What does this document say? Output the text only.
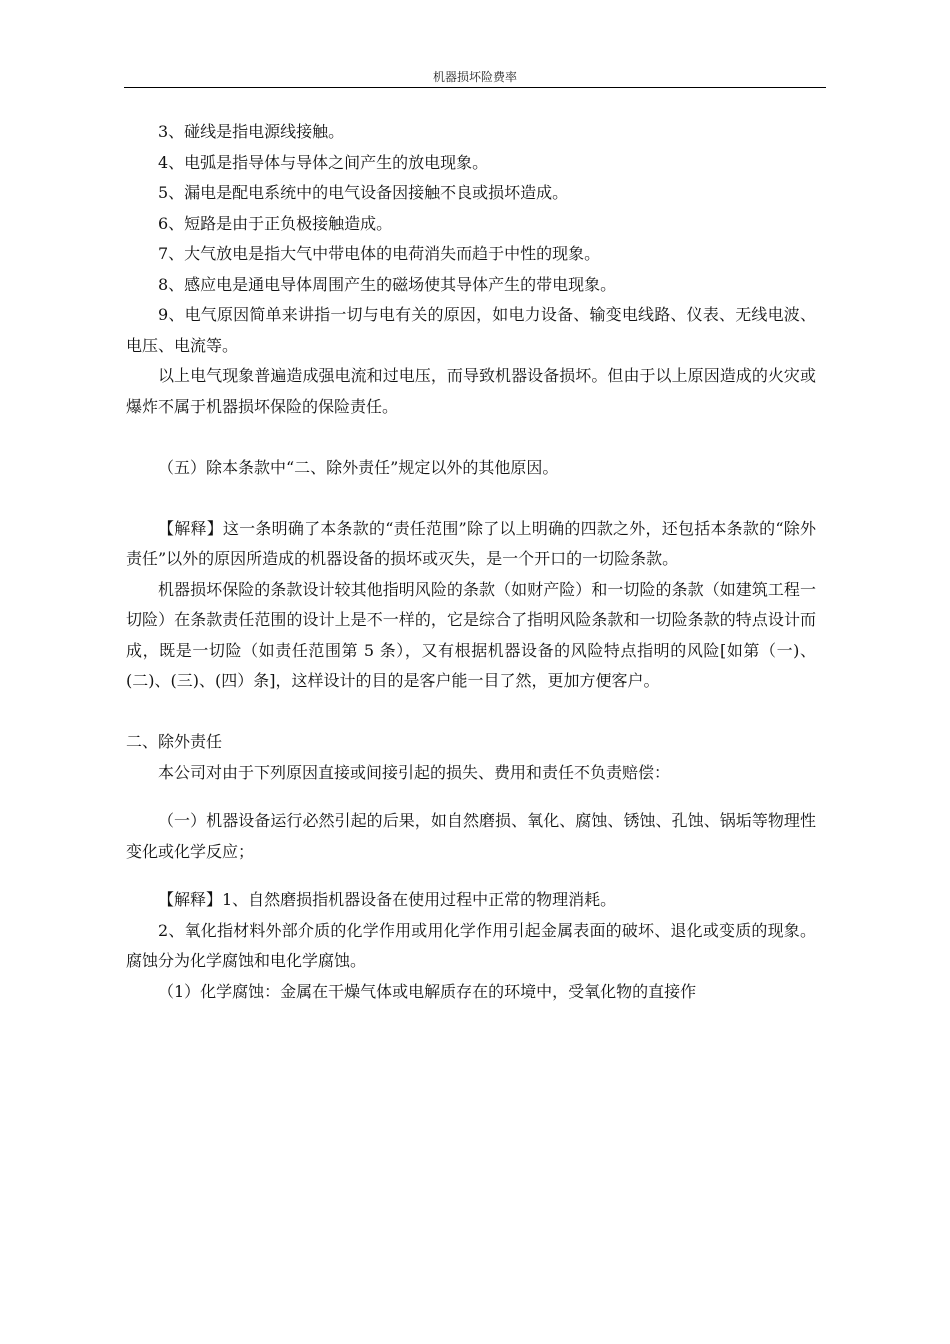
机器损坏险费率

3、碰线是指电源线接触。

4、电弧是指导体与导体之间产生的放电现象。

5、漏电是配电系统中的电气设备因接触不良或损坏造成。

6、短路是由于正负极接触造成。

7、大气放电是指大气中带电体的电荷消失而趋于中性的现象。

8、感应电是通电导体周围产生的磁场使其导体产生的带电现象。

9、电气原因简单来讲指一切与电有关的原因，如电力设备、输变电线路、仪表、无线电波、电压、电流等。

以上电气现象普遍造成强电流和过电压，而导致机器设备损坏。但由于以上原因造成的火灾或爆炸不属于机器损坏保险的保险责任。

（五）除本条款中“二、除外责任”规定以外的其他原因。

【解释】这一条明确了本条款的“责任范围”除了以上明确的四款之外，还包括本条款的“除外责任”以外的原因所造成的机器设备的损坏或灭失，是一个开口的一切险条款。

机器损坏保险的条款设计较其他指明风险的条款（如财产险）和一切险的条款（如建筑工程一切险）在条款责任范围的设计上是不一样的，它是综合了指明风险条款和一切险条款的特点设计而成，既是一切险（如责任范围第 5 条），又有根据机器设备的风险特点指明的风险[如第（一)、(二)、(三)、(四）条]，这样设计的目的是客户能一目了然，更加方便客户。

二、除外责任

本公司对由于下列原因直接或间接引起的损失、费用和责任不负责赔偿：

（一）机器设备运行必然引起的后果，如自然磨损、氧化、腐蚀、锈蚀、孔蚀、锅垢等物理性变化或化学反应；

【解释】1、自然磨损指机器设备在使用过程中正常的物理消耗。

2、氧化指材料外部介质的化学作用或用化学作用引起金属表面的破坏、退化或变质的现象。腐蚀分为化学腐蚀和电化学腐蚀。

（1）化学腐蚀：金属在干燥气体或电解质存在的环境中，受氧化物的直接作
